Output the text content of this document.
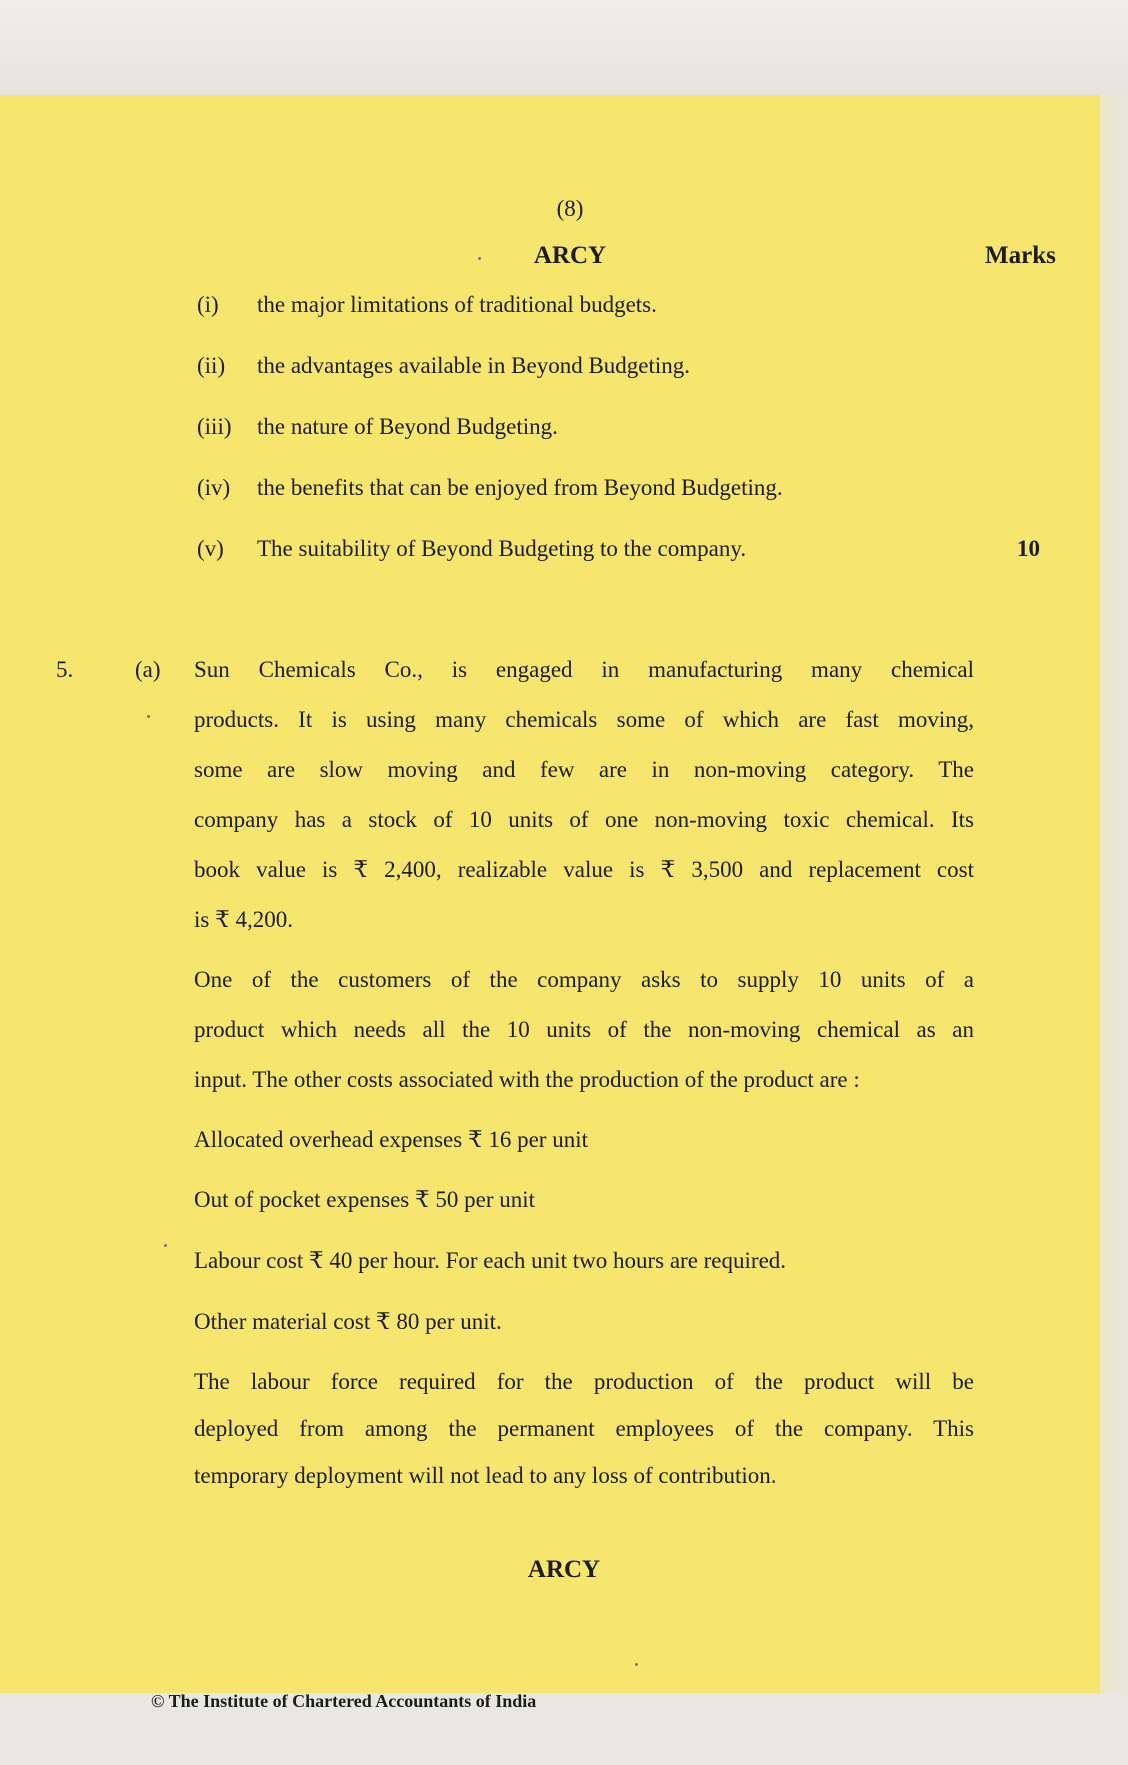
(8)
ARCY	Marks
(i) the major limitations of traditional budgets.
(ii) the advantages available in Beyond Budgeting.
(iii) the nature of Beyond Budgeting.
(iv) the benefits that can be enjoyed from Beyond Budgeting.
(v) The suitability of Beyond Budgeting to the company.	10
5.	(a) Sun Chemicals Co., is engaged in manufacturing many chemical
products. It is using many chemicals some of which are fast moving,
some are slow moving and few are in non-moving category. The
company has a stock of 10 units of one non-moving toxic chemical. Its
book value is ₹ 2,400, realizable value is ₹ 3,500 and replacement cost
is ₹ 4,200.
One of the customers of the company asks to supply 10 units of a
product which needs all the 10 units of the non-moving chemical as an
input. The other costs associated with the production of the product are :
Allocated overhead expenses ₹ 16 per unit
Out of pocket expenses ₹ 50 per unit
Labour cost ₹ 40 per hour. For each unit two hours are required.
Other material cost ₹ 80 per unit.
The labour force required for the production of the product will be
deployed from among the permanent employees of the company. This
temporary deployment will not lead to any loss of contribution.
ARCY
© The Institute of Chartered Accountants of India
